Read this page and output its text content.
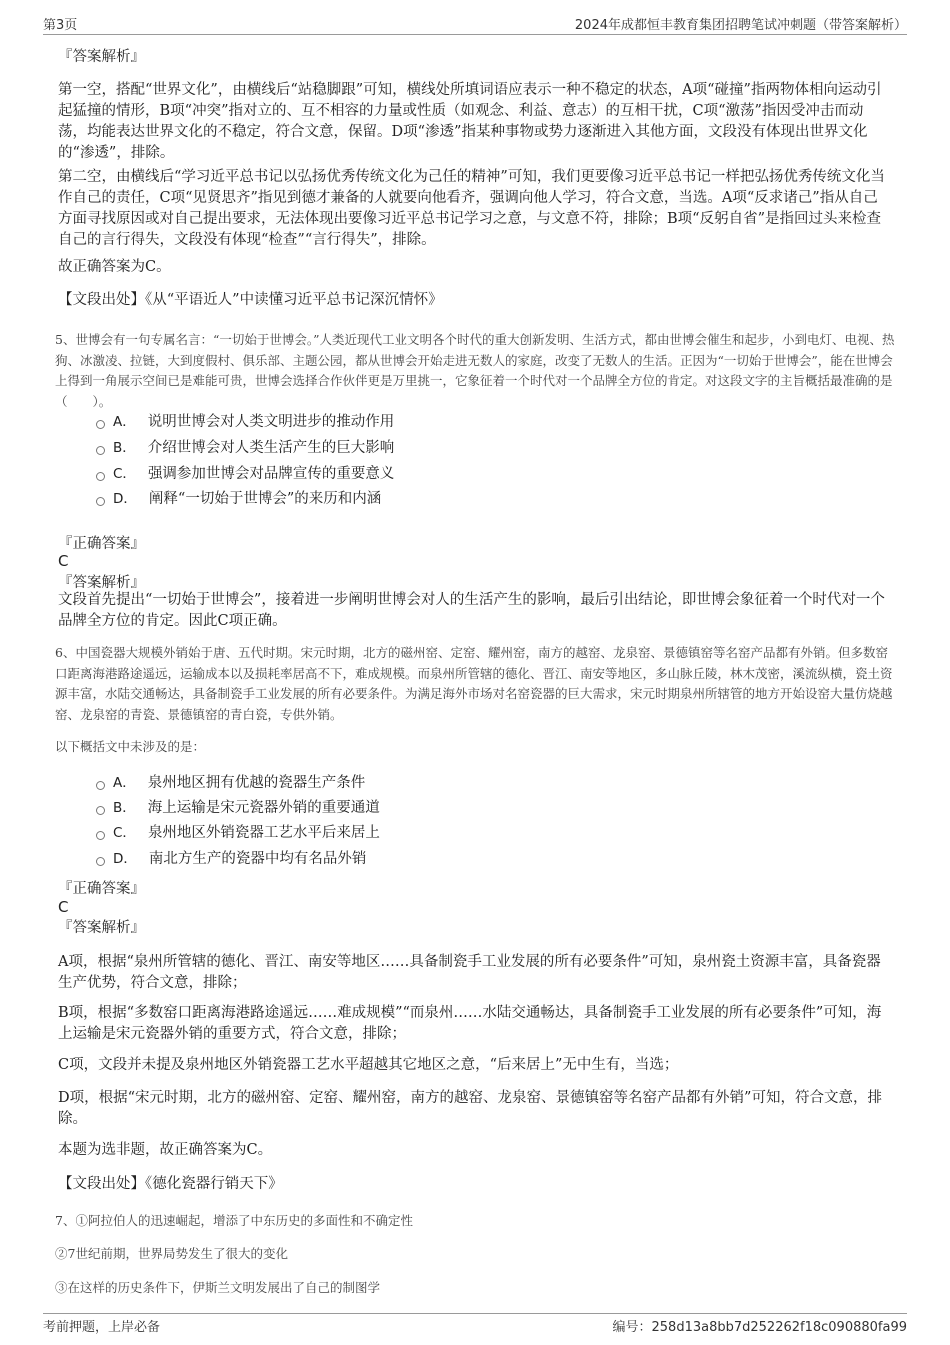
第3页	2024年成都恒丰教育集团招聘笔试冲刺题（带答案解析）
『答案解析』

第一空，搭配“世界文化”，由横线后“站稳脚跟”可知，横线处所填词语应表示一种不稳定的状态，A项“碰撞”指两物体相向运动引起猛撞的情形，B项“冲突”指对立的、互不相容的力量或性质（如观念、利益、意志）的互相干扰，C项“激荡”指因受冲击而动荡，均能表达世界文化的不稳定，符合文意，保留。D项“渗透”指某种事物或势力逐渐进入其他方面，文段没有体现出世界文化的“渗透”，排除。

第二空，由横线后“学习近平总书记以弘扬优秀传统文化为己任的精神”可知，我们更要像习近平总书记一样把弘扬优秀传统文化当作自己的责任，C项“见贤思齐”指见到德才兼备的人就要向他看齐，强调向他人学习，符合文意，当选。A项“反求诸己”指从自己方面寻找原因或对自己提出要求，无法体现出要像习近平总书记学习之意，与文意不符，排除；B项“反躬自省”是指回过头来检查自己的言行得失，文段没有体现“检查”“言行得失”，排除。

故正确答案为C。

【文段出处】《从“平语近人”中读懂习近平总书记深沉情怀》

5、世博会有一句专属名言：“一切始于世博会。”人类近现代工业文明各个时代的重大创新发明、生活方式，都由世博会催生和起步，小到电灯、电视、热狗、冰激凌、拉链，大到度假村、俱乐部、主题公园，都从世博会开始走进无数人的家庭，改变了无数人的生活。正因为“一切始于世博会”，能在世博会上得到一角展示空间已是难能可贵，世博会选择合作伙伴更是万里挑一，它象征着一个时代对一个品牌全方位的肯定。对这段文字的主旨概括最准确的是（　　）。

A． 说明世博会对人类文明进步的推动作用
B． 介绍世博会对人类生活产生的巨大影响
C． 强调参加世博会对品牌宣传的重要意义
D． 阐释“一切始于世博会”的来历和内涵
『正确答案』
C
『答案解析』

文段首先提出“一切始于世博会”，接着进一步阐明世博会对人的生活产生的影响，最后引出结论，即世博会象征着一个时代对一个品牌全方位的肯定。因此C项正确。

6、中国瓷器大规模外销始于唐、五代时期。宋元时期，北方的磁州窑、定窑、耀州窑，南方的越窑、龙泉窑、景德镇窑等名窑产品都有外销。但多数窑口距离海港路途遥远，运输成本以及损耗率居高不下，难成规模。而泉州所管辖的德化、晋江、南安等地区，多山脉丘陵，林木茂密，溪流纵横，瓷土资源丰富，水陆交通畅达，具备制瓷手工业发展的所有必要条件。为满足海外市场对名窑瓷器的巨大需求，宋元时期泉州所辖管的地方开始设窑大量仿烧越窑、龙泉窑的青瓷、景德镇窑的青白瓷，专供外销。

以下概括文中未涉及的是：

A． 泉州地区拥有优越的瓷器生产条件
B． 海上运输是宋元瓷器外销的重要通道
C． 泉州地区外销瓷器工艺水平后来居上
D． 南北方生产的瓷器中均有名品外销
『正确答案』
C
『答案解析』

A项，根据“泉州所管辖的德化、晋江、南安等地区……具备制瓷手工业发展的所有必要条件”可知，泉州瓷土资源丰富，具备瓷器生产优势，符合文意，排除；

B项，根据“多数窑口距离海港路途遥远……难成规模”“而泉州……水陆交通畅达，具备制瓷手工业发展的所有必要条件”可知，海上运输是宋元瓷器外销的重要方式，符合文意，排除；

C项，文段并未提及泉州地区外销瓷器工艺水平超越其它地区之意，“后来居上”无中生有，当选；

D项，根据“宋元时期，北方的磁州窑、定窑、耀州窑，南方的越窑、龙泉窑、景德镇窑等名窑产品都有外销”可知，符合文意，排除。

本题为选非题，故正确答案为C。

【文段出处】《德化瓷器行销天下》

7、①阿拉伯人的迅速崛起，增添了中东历史的多面性和不确定性

②7世纪前期，世界局势发生了很大的变化

③在这样的历史条件下，伊斯兰文明发展出了自己的制图学

考前押题，上岸必备	编号：258d13a8bb7d252262f18c090880fa99
